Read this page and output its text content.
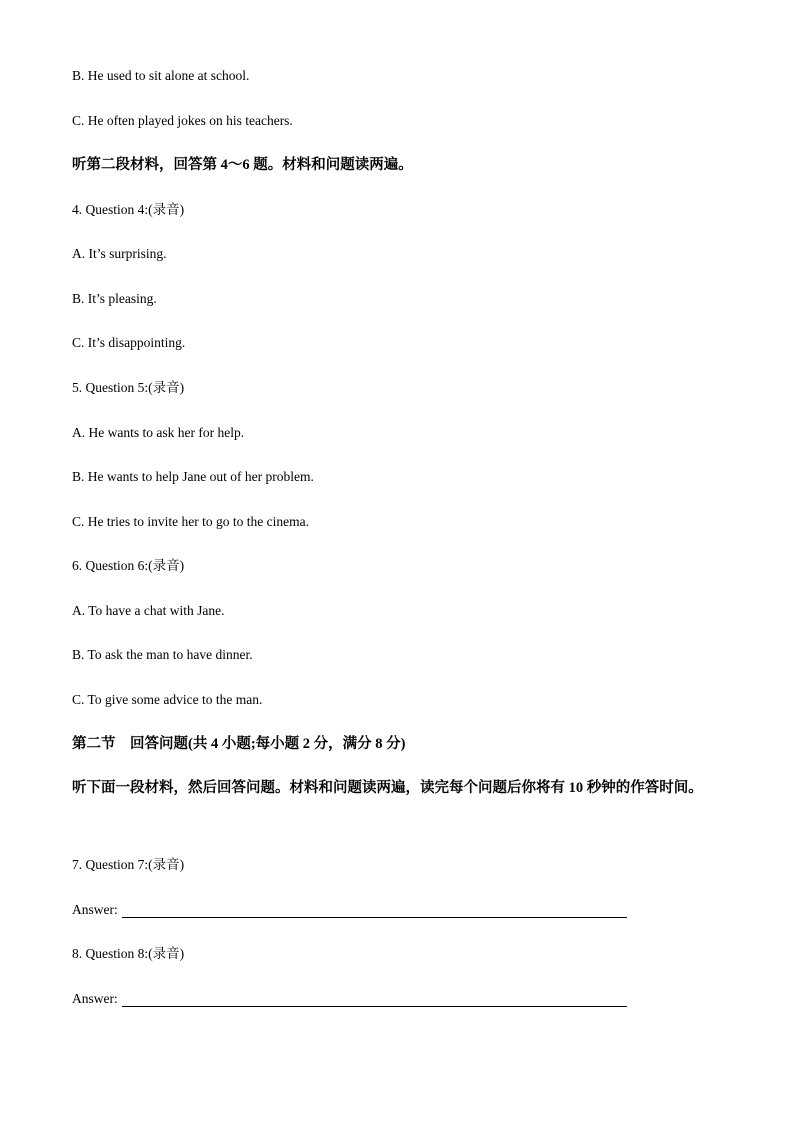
B. He used to sit alone at school.
C. He often played jokes on his teachers.
听第二段材料，回答第 4～6 题。材料和问题读两遍。
4. Question 4:(录音)
A. It’s surprising.
B. It’s pleasing.
C. It’s disappointing.
5. Question 5:(录音)
A. He wants to ask her for help.
B. He wants to help Jane out of her problem.
C. He tries to invite her to go to the cinema.
6. Question 6:(录音)
A. To have a chat with Jane.
B. To ask the man to have dinner.
C. To give some advice to the man.
第二节　回答问题(共 4 小题;每小题 2 分，满分 8 分)
听下面一段材料，然后回答问题。材料和问题读两遍，读完每个问题后你将有 10 秒钟的作答时间。
7. Question 7:(录音)
Answer:
8. Question 8:(录音)
Answer:
